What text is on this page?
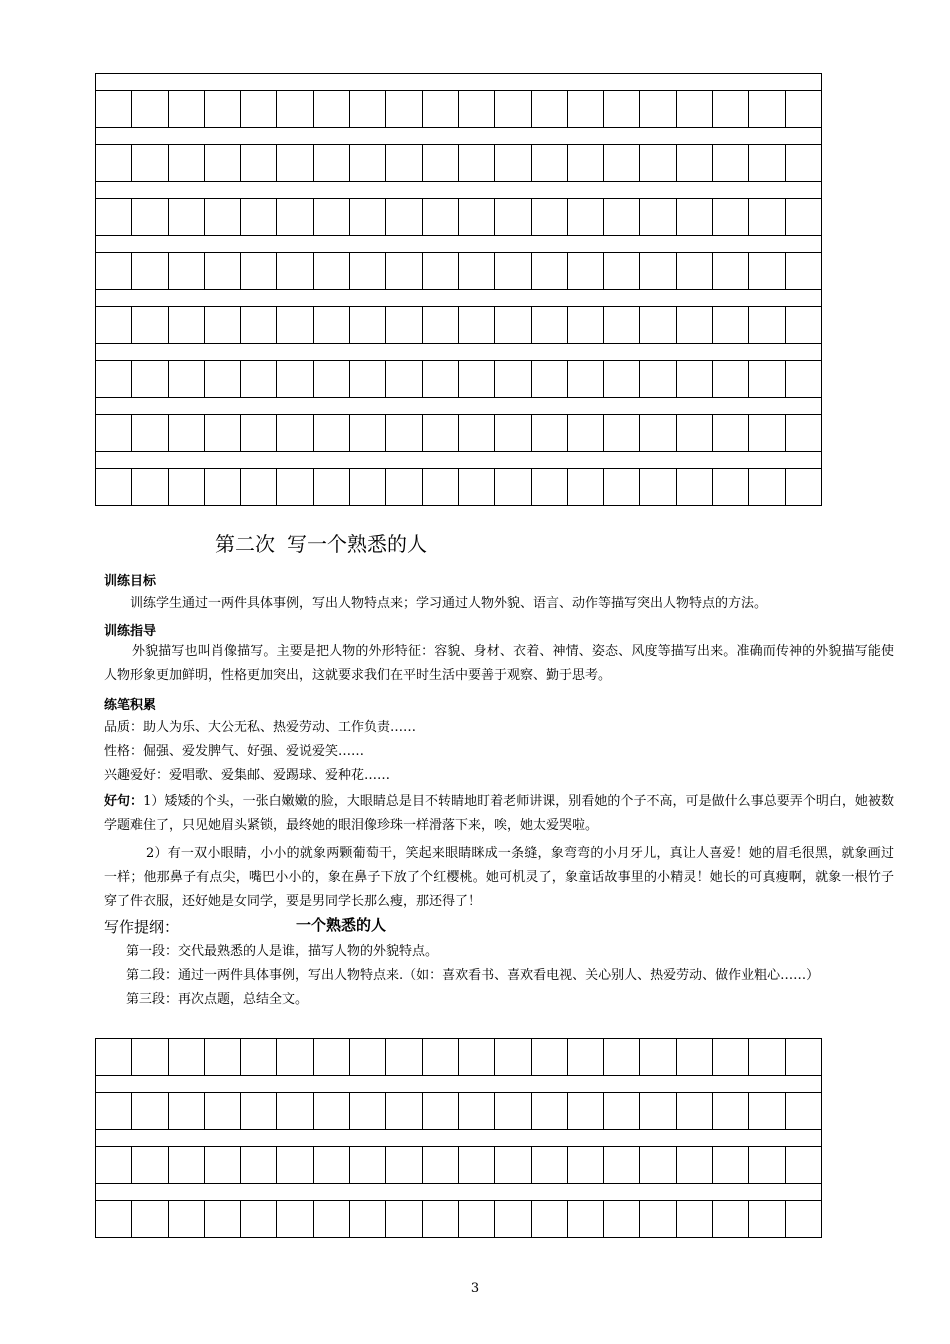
第二次 写一个熟悉的人
训练目标
训练学生通过一两件具体事例，写出人物特点来；学习通过人物外貌、语言、动作等描写突出人物特点的方法。
训练指导
外貌描写也叫肖像描写。主要是把人物的外形特征：容貌、身材、衣着、神情、姿态、风度等描写出来。准确而传神的外貌描写能使人物形象更加鲜明，性格更加突出，这就要求我们在平时生活中要善于观察、勤于思考。
练笔积累
品质：助人为乐、大公无私、热爱劳动、工作负责……
性格：倔强、爱发脾气、好强、爱说爱笑……
兴趣爱好：爱唱歌、爱集邮、爱踢球、爱种花……
好句：1）矮矮的个头，一张白嫩嫩的脸，大眼睛总是目不转睛地盯着老师讲课，别看她的个子不高，可是做什么事总要弄个明白，她被数学题难住了，只见她眉头紧锁，最终她的眼泪像珍珠一样滑落下来，唉，她太爱哭啦。
2）有一双小眼睛，小小的就象两颗葡萄干，笑起来眼睛眯成一条缝，象弯弯的小月牙儿，真让人喜爱！她的眉毛很黑，就象画过一样；他那鼻子有点尖，嘴巴小小的，象在鼻子下放了个红樱桃。她可机灵了，象童话故事里的小精灵！她长的可真瘦啊，就象一根竹子穿了件衣服，还好她是女同学，要是男同学长那么瘦，那还得了！
写作提纲：	一个熟悉的人
第一段：交代最熟悉的人是谁，描写人物的外貌特点。
第二段：通过一两件具体事例，写出人物特点来.（如：喜欢看书、喜欢看电视、关心别人、热爱劳动、做作业粗心……）
第三段：再次点题，总结全文。

3
